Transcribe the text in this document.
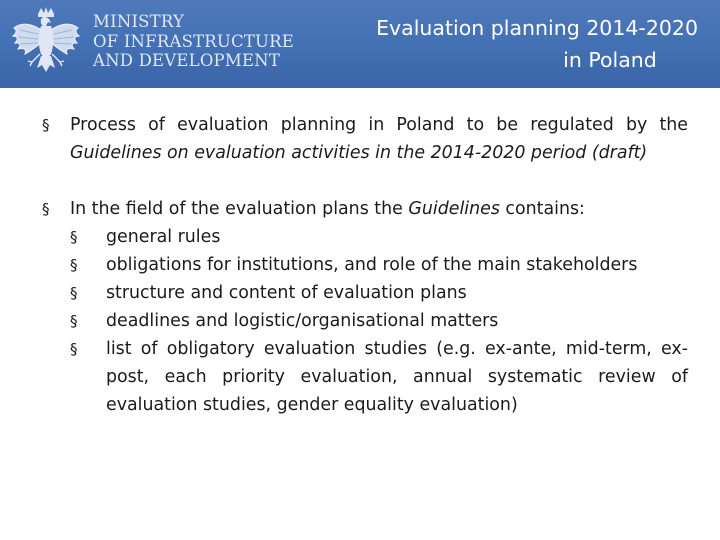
MINISTRY
OF INFRASTRUCTURE
AND DEVELOPMENT
Evaluation planning 2014-2020
in Poland
§ Process of evaluation planning in Poland to be regulated by the Guidelines on evaluation activities in the 2014-2020 period (draft)
§ In the field of the evaluation plans the Guidelines contains:
§ general rules
§ obligations for institutions, and role of the main stakeholders
§ structure and content of evaluation plans
§ deadlines and logistic/organisational matters
§ list of obligatory evaluation studies (e.g. ex-ante, mid-term, ex-post, each priority evaluation, annual systematic review of evaluation studies, gender equality evaluation)
